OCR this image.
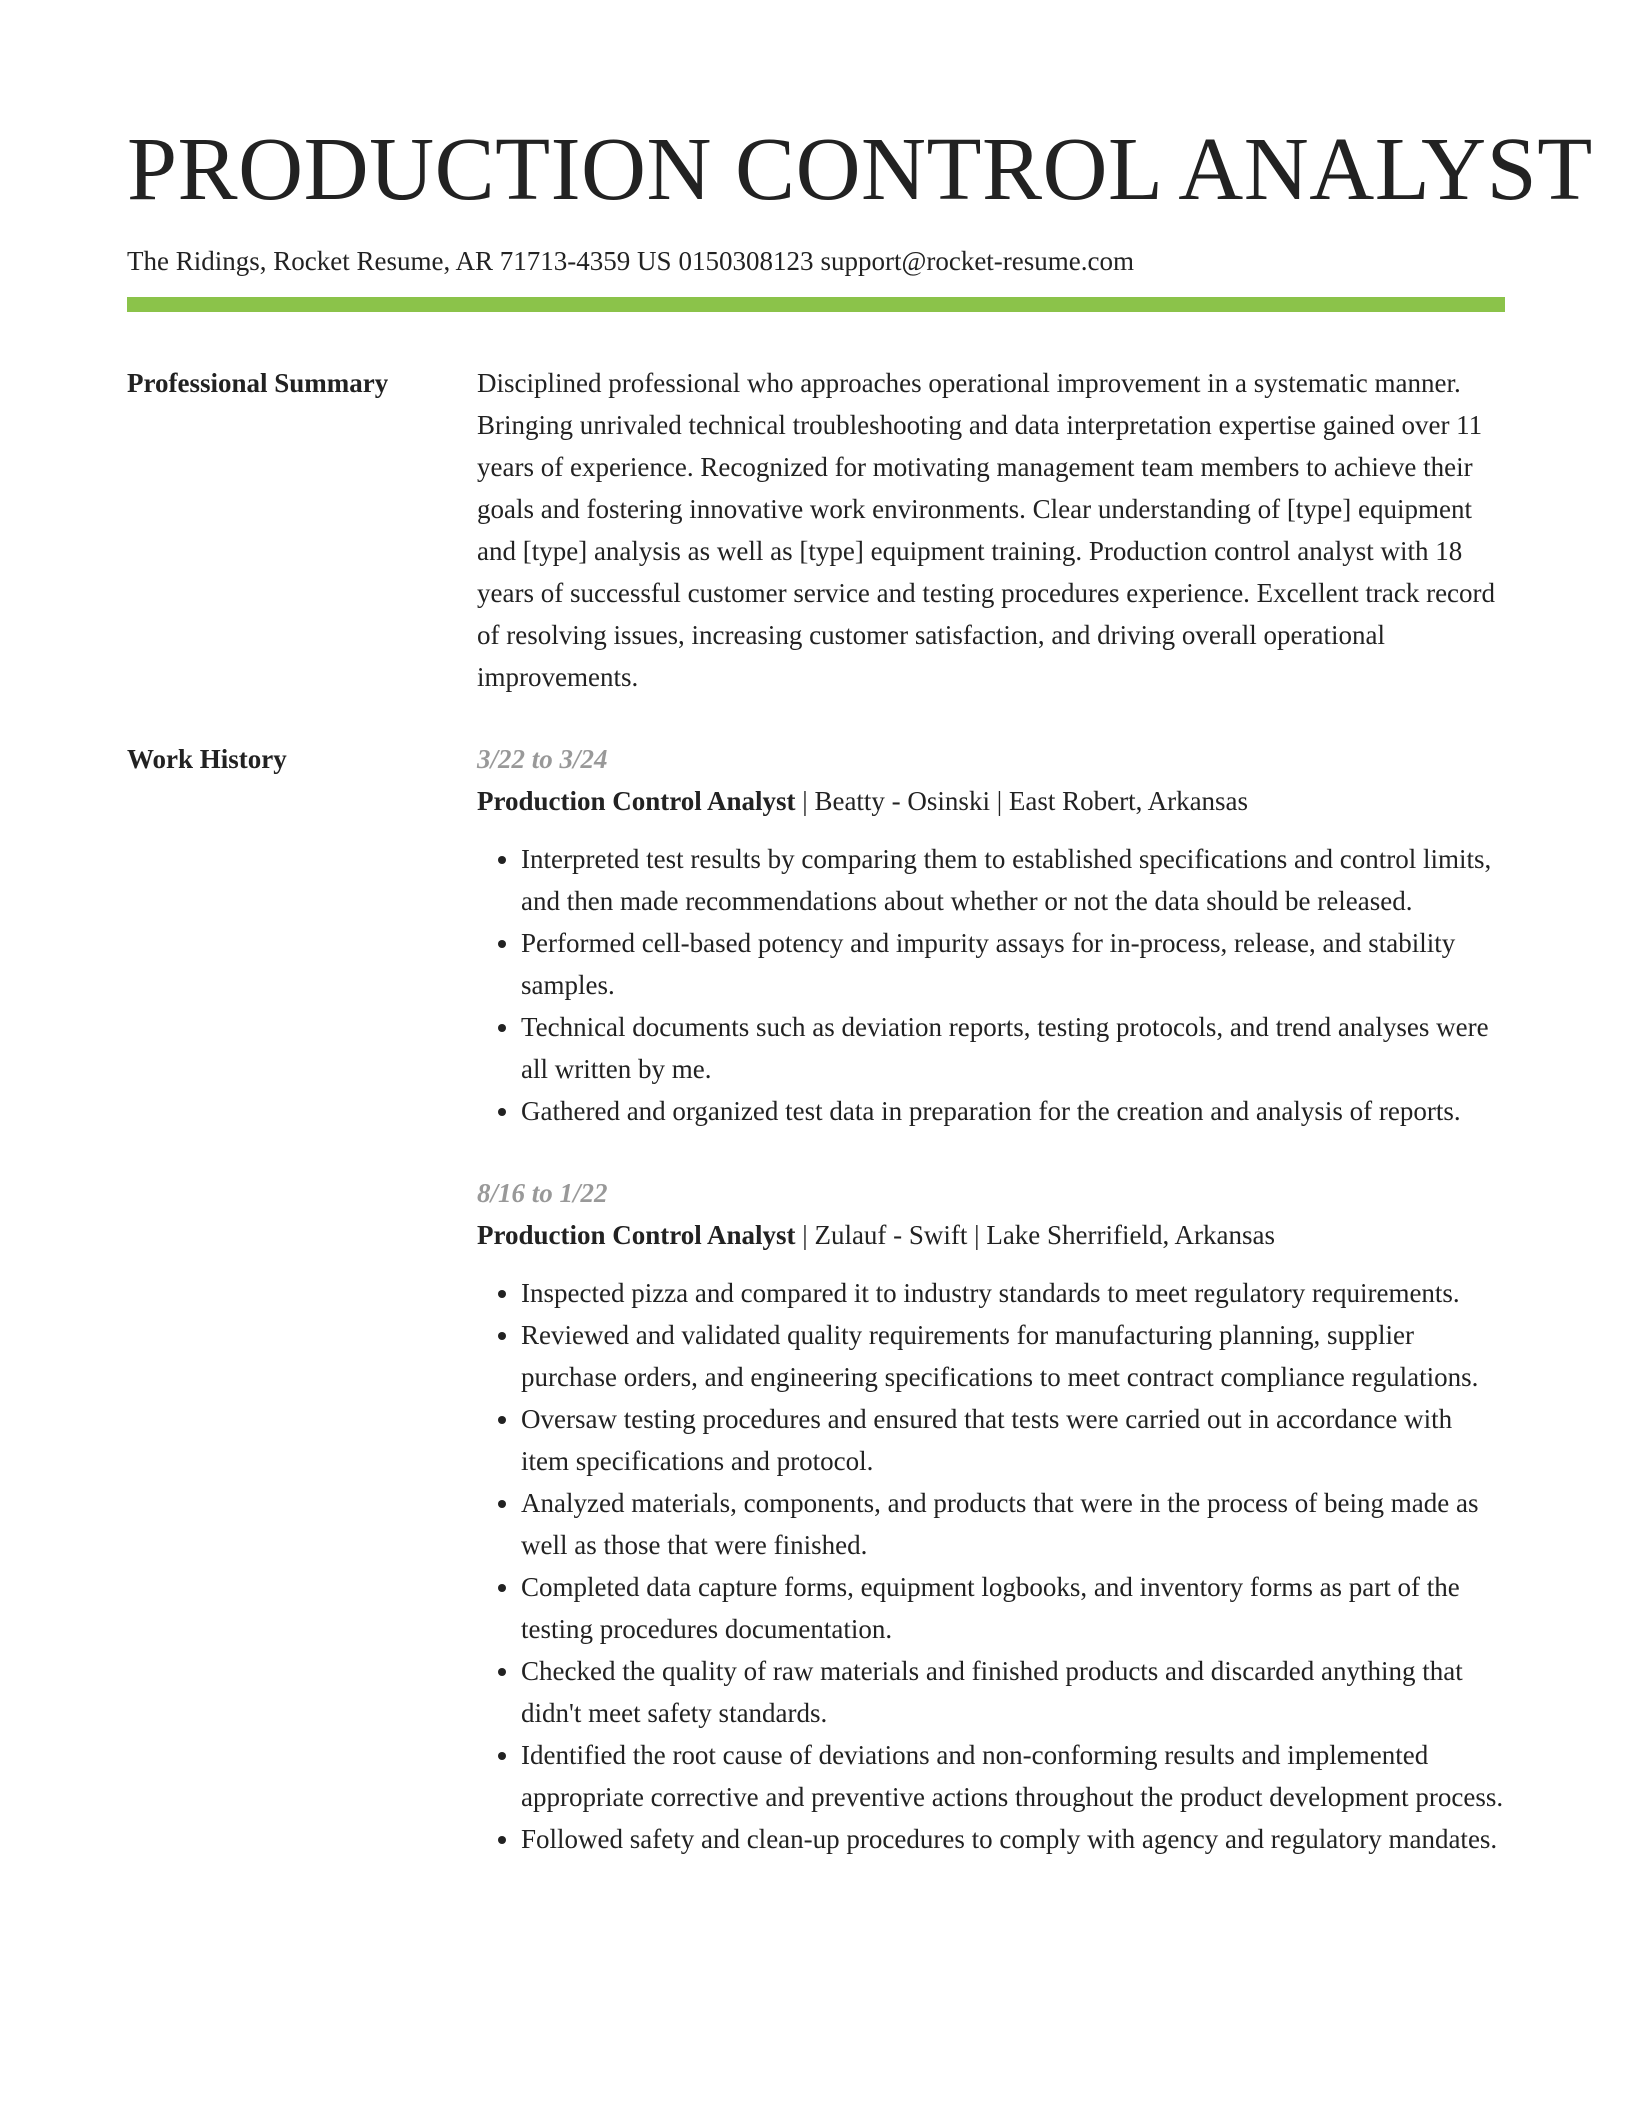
PRODUCTION CONTROL ANALYST
The Ridings, Rocket Resume, AR 71713-4359 US 0150308123 support@rocket-resume.com
Professional Summary	Disciplined professional who approaches operational improvement in a systematic manner. Bringing unrivaled technical troubleshooting and data interpretation expertise gained over 11 years of experience. Recognized for motivating management team members to achieve their goals and fostering innovative work environments. Clear understanding of [type] equipment and [type] analysis as well as [type] equipment training. Production control analyst with 18 years of successful customer service and testing procedures experience. Excellent track record of resolving issues, increasing customer satisfaction, and driving overall operational improvements.

Work History	3/22 to 3/24
Production Control Analyst | Beatty - Osinski | East Robert, Arkansas
• Interpreted test results by comparing them to established specifications and control limits, and then made recommendations about whether or not the data should be released.
• Performed cell-based potency and impurity assays for in-process, release, and stability samples.
• Technical documents such as deviation reports, testing protocols, and trend analyses were all written by me.
• Gathered and organized test data in preparation for the creation and analysis of reports.
8/16 to 1/22
Production Control Analyst | Zulauf - Swift | Lake Sherrifield, Arkansas
• Inspected pizza and compared it to industry standards to meet regulatory requirements.
• Reviewed and validated quality requirements for manufacturing planning, supplier purchase orders, and engineering specifications to meet contract compliance regulations.
• Oversaw testing procedures and ensured that tests were carried out in accordance with item specifications and protocol.
• Analyzed materials, components, and products that were in the process of being made as well as those that were finished.
• Completed data capture forms, equipment logbooks, and inventory forms as part of the testing procedures documentation.
• Checked the quality of raw materials and finished products and discarded anything that didn't meet safety standards.
• Identified the root cause of deviations and non-conforming results and implemented appropriate corrective and preventive actions throughout the product development process.
• Followed safety and clean-up procedures to comply with agency and regulatory mandates.
